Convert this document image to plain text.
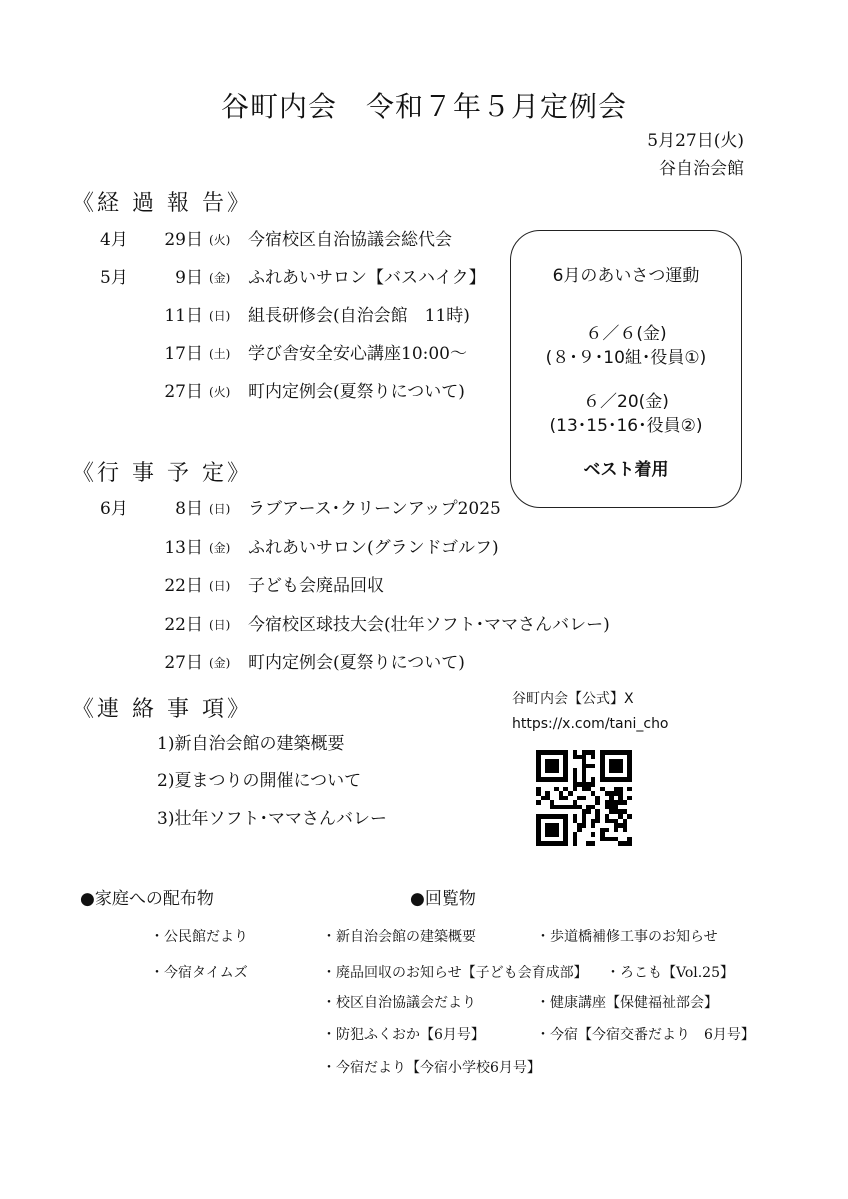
谷町内会　令和７年５月定例会
5月27日(火)
谷自治会館
《経 過 報 告》
4月	29日 (火) 今宿校区自治協議会総代会
5月	9日 (金) ふれあいサロン【バスハイク】
11日 (日) 組長研修会(自治会館　11時)
17日 (土) 学び舎安全安心講座10:00～
27日 (火) 町内定例会(夏祭りについて)
6月のあいさつ運動
６／６(金)
(８･９･10組･役員①)
６／20(金)
(13･15･16･役員②)
ベスト着用
《行 事 予 定》
6月	8日 (日) ラブアース･クリーンアップ2025
13日 (金) ふれあいサロン(グランドゴルフ)
22日 (日) 子ども会廃品回収
22日 (日) 今宿校区球技大会(壮年ソフト･ママさんバレー)
27日 (金) 町内定例会(夏祭りについて)
《連 絡 事 項》
1)新自治会館の建築概要
2)夏まつりの開催について
3)壮年ソフト･ママさんバレー
谷町内会【公式】X
https://x.com/tani_cho
●家庭への配布物
・公民館だより
・今宿タイムズ
●回覧物
・新自治会館の建築概要	・歩道橋補修工事のお知らせ
・廃品回収のお知らせ【子ども会育成部】 ・ろこも【Vol.25】
・校区自治協議会だより	・健康講座【保健福祉部会】
・防犯ふくおか【6月号】	・今宿【今宿交番だより　6月号】
・今宿だより【今宿小学校6月号】
